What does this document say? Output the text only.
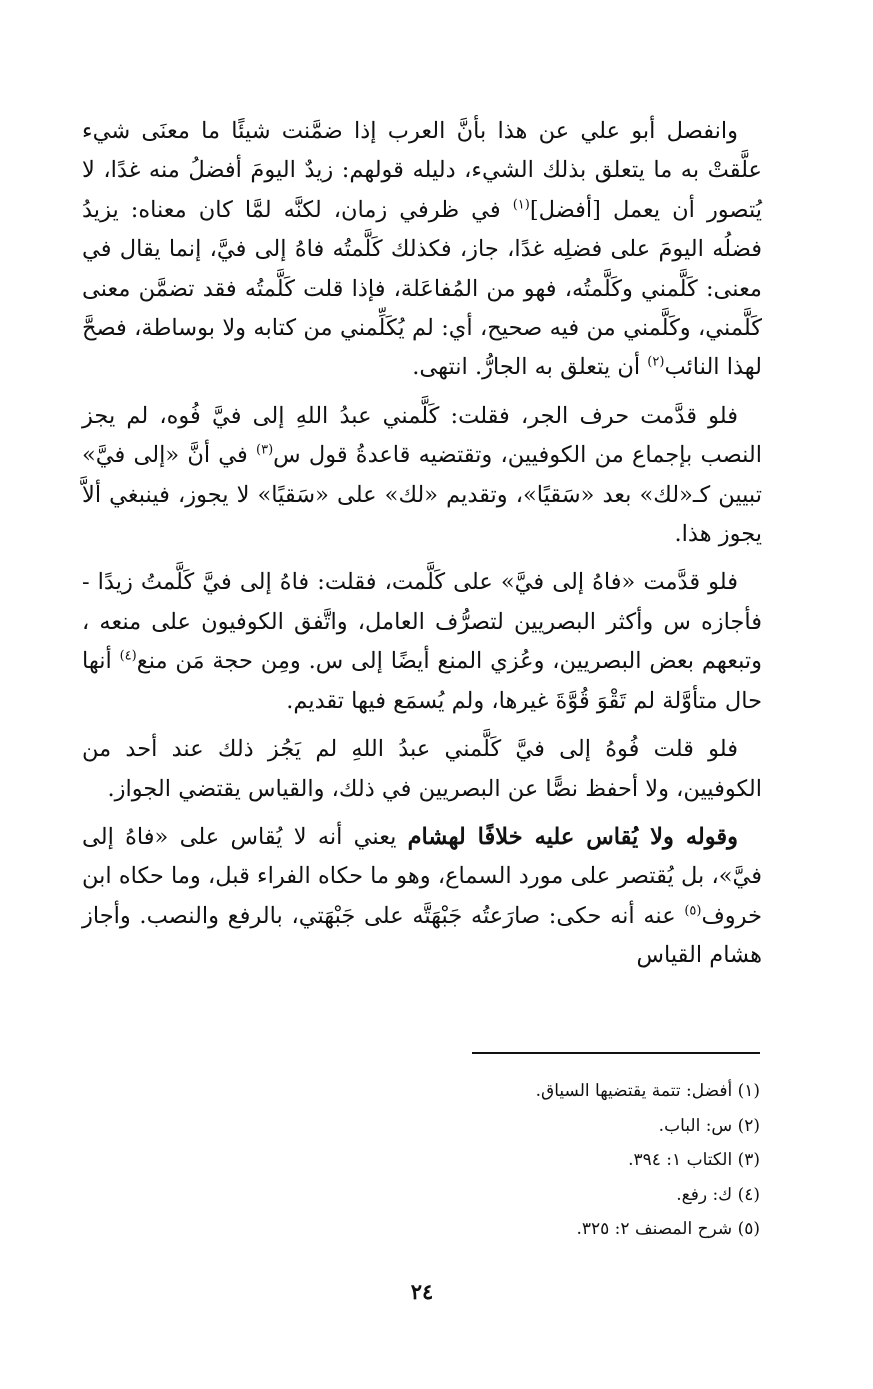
وانفصل أبو علي عن هذا بأنَّ العرب إذا ضمَّنت شيئًا ما معنَى شيء علَّقتْ به ما يتعلق بذلك الشيء، دليله قولهم: زيدٌ اليومَ أفضلُ منه غدًا، لا يُتصور أن يعمل [أفضل]$^{(١)}$ في ظرفي زمان، لكنَّه لمَّا كان معناه: يزيدُ فضلُه اليومَ على فضلِه غدًا، جاز، فكذلك كَلَّمتُه فاهُ إلى فيَّ، إنما يقال في معنى: كَلَّمني وكَلَّمتُه، فهو من المُفاعَلة، فإذا قلت كَلَّمتُه فقد تضمَّن معنى كَلَّمني، وكَلَّمني من فيه صحيح، أي: لم يُكَلِّمني من كتابه ولا بوساطة، فصحَّ لهذا النائب$^{(٢)}$ أن يتعلق به الجارُّ. انتهى.

فلو قدَّمت حرف الجر، فقلت: كَلَّمني عبدُ اللهِ إلى فيَّ فُوه، لم يجز النصب بإجماع من الكوفيين، وتقتضيه قاعدةُ قول س$^{(٣)}$ في أنَّ «إلى فيَّ» تبيين كـ«لك» بعد «سَقيًا»، وتقديم «لك» على «سَقيًا» لا يجوز، فينبغي ألاَّ يجوز هذا.

فلو قدَّمت «فاهُ إلى فيَّ» على كَلَّمت، فقلت: فاهُ إلى فيَّ كَلَّمتُ زيدًا - فأجازه س وأكثر البصريين لتصرُّف العامل، واتَّفق الكوفيون على منعه ، وتبعهم بعض البصريين، وعُزي المنع أيضًا إلى س. ومِن حجة مَن منع$^{(٤)}$ أنها حال متأوَّلة لم تَقْوَ قُوَّةَ غيرها، ولم يُسمَع فيها تقديم.

فلو قلت فُوهُ إلى فيَّ كَلَّمني عبدُ اللهِ لم يَجُز ذلك عند أحد من الكوفيين، ولا أحفظ نصًّا عن البصريين في ذلك، والقياس يقتضي الجواز.

وقوله ولا يُقاس عليه خلافًا لهشام يعني أنه لا يُقاس على «فاهُ إلى فيَّ»، بل يُقتصر على مورد السماع، وهو ما حكاه الفراء قبل، وما حكاه ابن خروف$^{(٥)}$ عنه أنه حكى: صارَعتُه جَبْهَتَّه على جَبْهَتي، بالرفع والنصب. وأجاز هشام القياس

(١) أفضل: تتمة يقتضيها السياق.
(٢) س: الباب.
(٣) الكتاب ١: ٣٩٤.
(٤) ك: رفع.
(٥) شرح المصنف ٢: ٣٢٥.
٢٤
